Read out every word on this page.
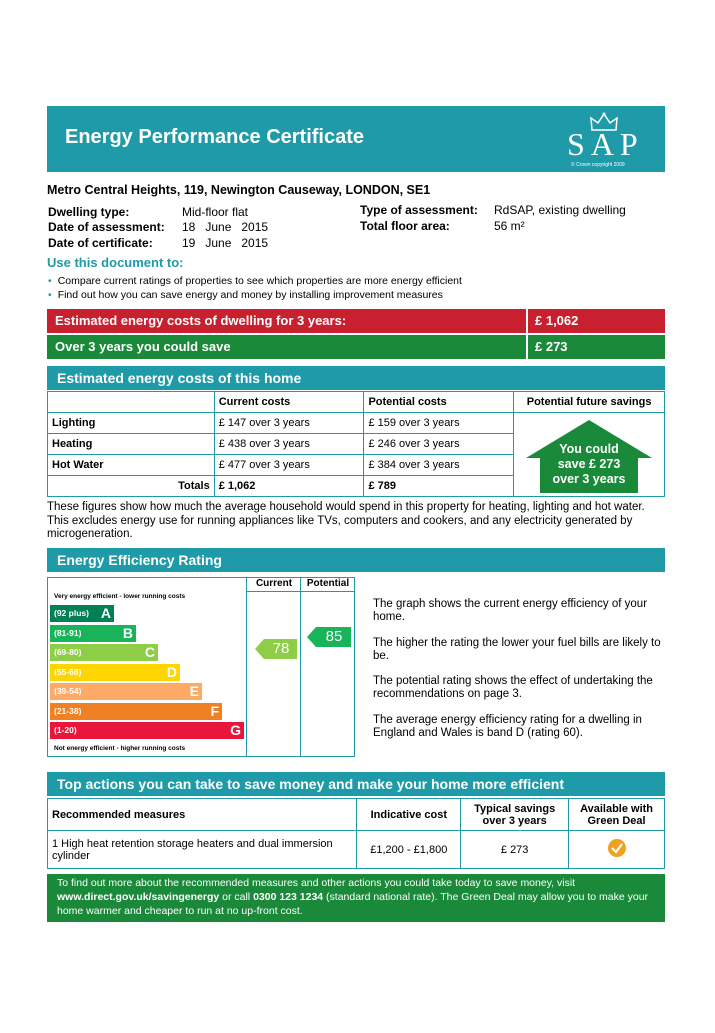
Energy Performance Certificate	SAP
© Crown copyright 2009
Metro Central Heights, 119, Newington Causeway, LONDON, SE1
Dwelling type:	Mid-floor flat
Date of assessment: 18   June   2015
Date of certificate: 19   June   2015
Type of assessment: RdSAP, existing dwelling
Total floor area:	56 m²
Use this document to:
• Compare current ratings of properties to see which properties are more energy efficient
• Find out how you can save energy and money by installing improvement measures
Estimated energy costs of dwelling for 3 years:	£ 1,062
Over 3 years you could save	£ 273
Estimated energy costs of this home
	Current costs	Potential costs	Potential future savings
Lighting	£ 147 over 3 years	£ 159 over 3 years	
Heating	£ 438 over 3 years	£ 246 over 3 years	
Hot Water	£ 477 over 3 years	£ 384 over 3 years	
Totals	£ 1,062	£ 789	
You could
save £ 273
over 3 years
These figures show how much the average household would spend in this property for heating, lighting and hot water. This excludes energy use for running appliances like TVs, computers and cookers, and any electricity generated by microgeneration.
Energy Efficiency Rating
Current	Potential
Very energy efficient - lower running costs
(92 plus) A
(81-91)	B
(69-80)	C
(55-68)	D
(39-54)	E
(21-38)	F
(1-20)	G
Not energy efficient - higher running costs
78
85
The graph shows the current energy efficiency of your home.
The higher the rating the lower your fuel bills are likely to be.
The potential rating shows the effect of undertaking the recommendations on page 3.
The average energy efficiency rating for a dwelling in England and Wales is band D (rating 60).
Top actions you can take to save money and make your home more efficient
Recommended measures	Indicative cost	Typical savings over 3 years	Available with Green Deal
1 High heat retention storage heaters and dual immersion cylinder	£1,200 - £1,800	£ 273	
To find out more about the recommended measures and other actions you could take today to save money, visit www.direct.gov.uk/savingenergy or call 0300 123 1234 (standard national rate). The Green Deal may allow you to make your home warmer and cheaper to run at no up-front cost.
